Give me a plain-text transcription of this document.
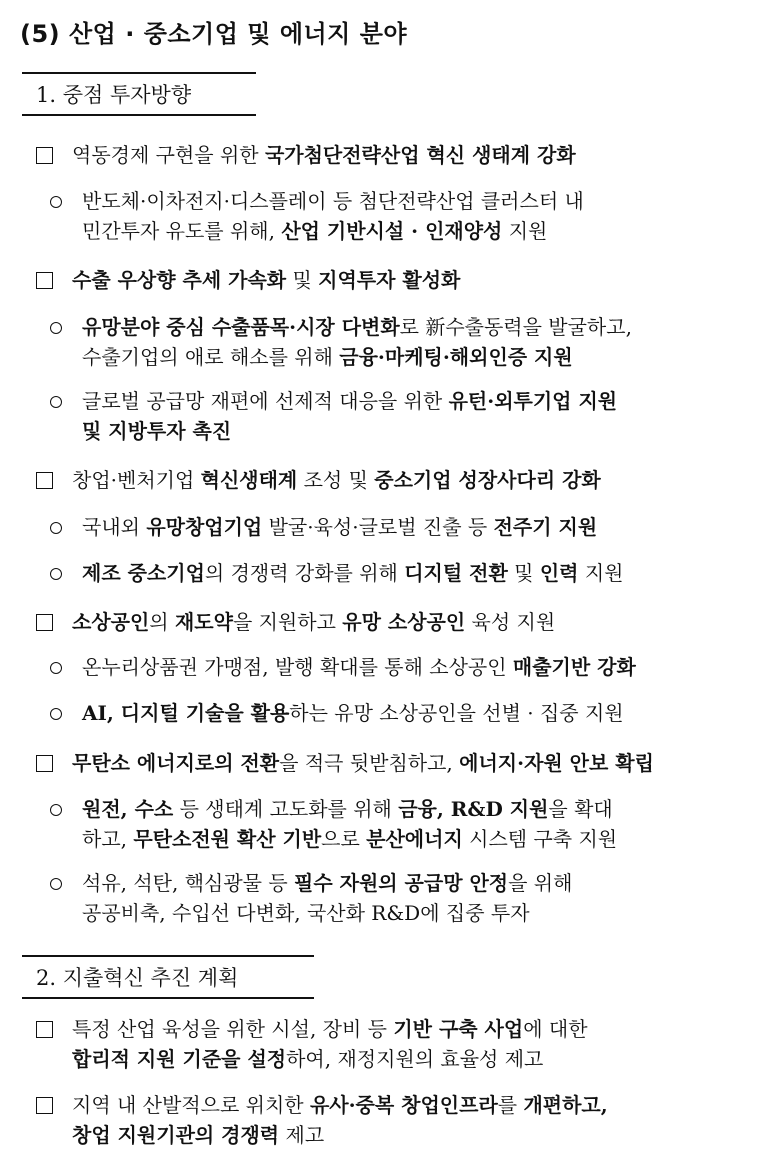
(5) 산업 · 중소기업 및 에너지 분야
1. 중점 투자방향
역동경제 구현을 위한 국가첨단전략산업 혁신 생태계 강화
반도체·이차전지·디스플레이 등 첨단전략산업 클러스터 내
민간투자 유도를 위해, 산업 기반시설 · 인재양성 지원
수출 우상향 추세 가속화 및 지역투자 활성화
유망분야 중심 수출품목·시장 다변화로 新수출동력을 발굴하고,
수출기업의 애로 해소를 위해 금융·마케팅·해외인증 지원
글로벌 공급망 재편에 선제적 대응을 위한 유턴·외투기업 지원
및 지방투자 촉진
창업·벤처기업 혁신생태계 조성 및 중소기업 성장사다리 강화
국내외 유망창업기업 발굴·육성·글로벌 진출 등 전주기 지원
제조 중소기업의 경쟁력 강화를 위해 디지털 전환 및 인력 지원
소상공인의 재도약을 지원하고 유망 소상공인 육성 지원
온누리상품권 가맹점, 발행 확대를 통해 소상공인 매출기반 강화
AI, 디지털 기술을 활용하는 유망 소상공인을 선별 · 집중 지원
무탄소 에너지로의 전환을 적극 뒷받침하고, 에너지·자원 안보 확립
원전, 수소 등 생태계 고도화를 위해 금융, R&D 지원을 확대
하고, 무탄소전원 확산 기반으로 분산에너지 시스템 구축 지원
석유, 석탄, 핵심광물 등 필수 자원의 공급망 안정을 위해
공공비축, 수입선 다변화, 국산화 R&D에 집중 투자
2. 지출혁신 추진 계획
특정 산업 육성을 위한 시설, 장비 등 기반 구축 사업에 대한
합리적 지원 기준을 설정하여, 재정지원의 효율성 제고
지역 내 산발적으로 위치한 유사·중복 창업인프라를 개편하고,
창업 지원기관의 경쟁력 제고
